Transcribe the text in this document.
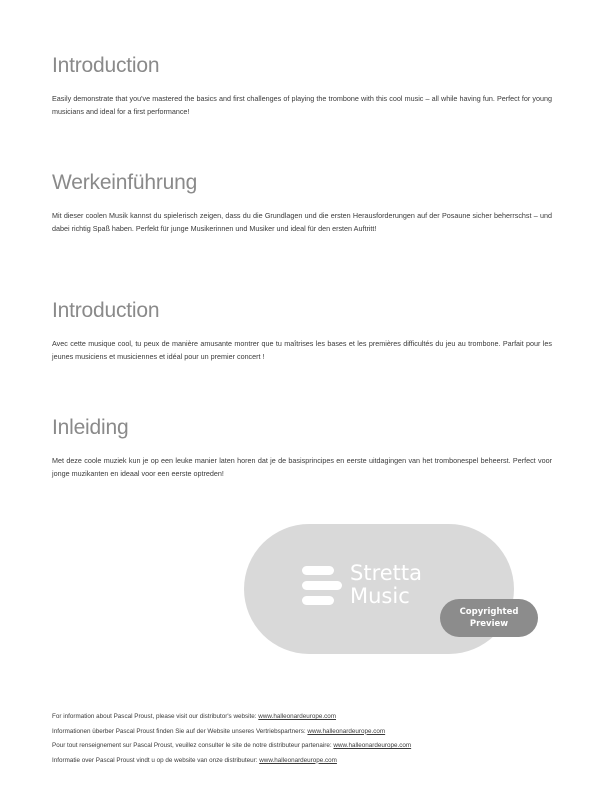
Introduction

Easily demonstrate that you've mastered the basics and first challenges of playing the trombone with this cool music – all while having fun. Perfect for young musicians and ideal for a first performance!

Werkeinführung

Mit dieser coolen Musik kannst du spielerisch zeigen, dass du die Grundlagen und die ersten Herausforderungen auf der Posaune sicher beherrschst – und dabei richtig Spaß haben. Perfekt für junge Musikerinnen und Musiker und ideal für den ersten Auftritt!

Introduction

Avec cette musique cool, tu peux de manière amusante montrer que tu maîtrises les bases et les premières difficultés du jeu au trombone. Parfait pour les jeunes musiciens et musiciennes et idéal pour un premier concert !

Inleiding

Met deze coole muziek kun je op een leuke manier laten horen dat je de basisprincipes en eerste uitdagingen van het trombonespel beheerst. Perfect voor jonge muzikanten en ideaal voor een eerste optreden!

Stretta
Music
Copyrighted
Preview
For information about Pascal Proust, please visit our distributor's website: www.halleonardeurope.com
Informationen überber Pascal Proust finden Sie auf der Website unseres Vertriebspartners: www.halleonardeurope.com
Pour tout renseignement sur Pascal Proust, veuillez consulter le site de notre distributeur partenaire: www.halleonardeurope.com
Informatie over Pascal Proust vindt u op de website van onze distributeur: www.halleonardeurope.com
